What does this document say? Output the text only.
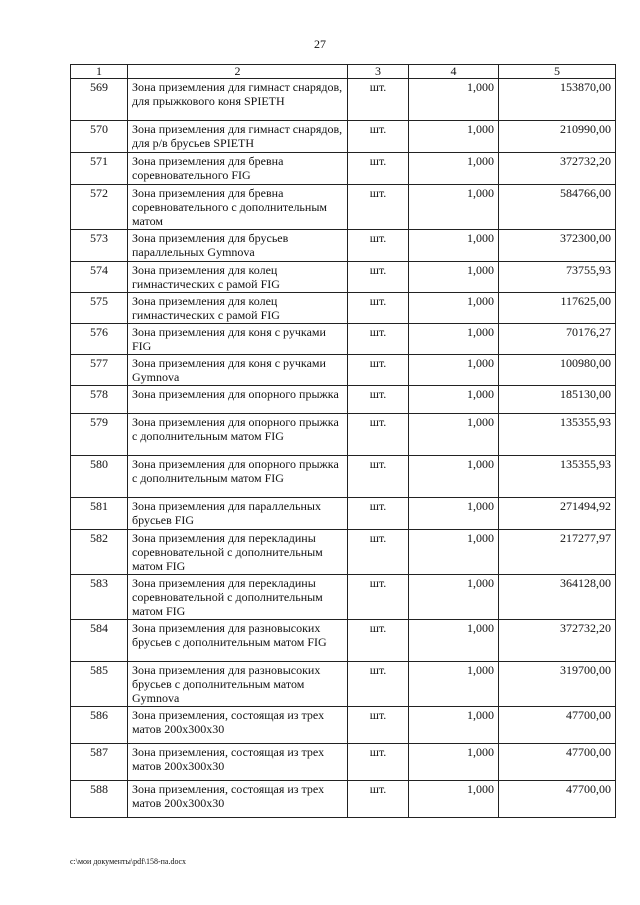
27
1	2	3	4	5
569	Зона приземления для гимнаст снарядов, для прыжкового коня SPIETH	шт.	1,000	153870,00
570	Зона приземления для гимнаст снарядов, для р/в брусьев SPIETH	шт.	1,000	210990,00
571	Зона приземления для бревна соревновательного FIG	шт.	1,000	372732,20
572	Зона приземления для бревна соревновательного с дополнительным матом	шт.	1,000	584766,00
573	Зона приземления для брусьев параллельных Gymnova	шт.	1,000	372300,00
574	Зона приземления для колец гимнастических с рамой FIG	шт.	1,000	73755,93
575	Зона приземления для колец гимнастических с рамой FIG	шт.	1,000	117625,00
576	Зона приземления для коня с ручками FIG	шт.	1,000	70176,27
577	Зона приземления для коня с ручками Gymnova	шт.	1,000	100980,00
578	Зона приземления для опорного прыжка	шт.	1,000	185130,00
579	Зона приземления для опорного прыжка с дополнительным матом FIG	шт.	1,000	135355,93
580	Зона приземления для опорного прыжка с дополнительным матом FIG	шт.	1,000	135355,93
581	Зона приземления для параллельных брусьев FIG	шт.	1,000	271494,92
582	Зона приземления для перекладины соревновательной с дополнительным матом FIG	шт.	1,000	217277,97
583	Зона приземления для перекладины соревновательной с дополнительным матом FIG	шт.	1,000	364128,00
584	Зона приземления для разновысоких брусьев с дополнительным матом FIG	шт.	1,000	372732,20
585	Зона приземления для разновысоких брусьев с дополнительным матом Gymnova	шт.	1,000	319700,00
586	Зона приземления, состоящая из трех матов 200x300x30	шт.	1,000	47700,00
587	Зона приземления, состоящая из трех матов 200x300x30	шт.	1,000	47700,00
588	Зона приземления, состоящая из трех матов 200x300x30	шт.	1,000	47700,00
c:\мои документы\pdf\158-па.docx
